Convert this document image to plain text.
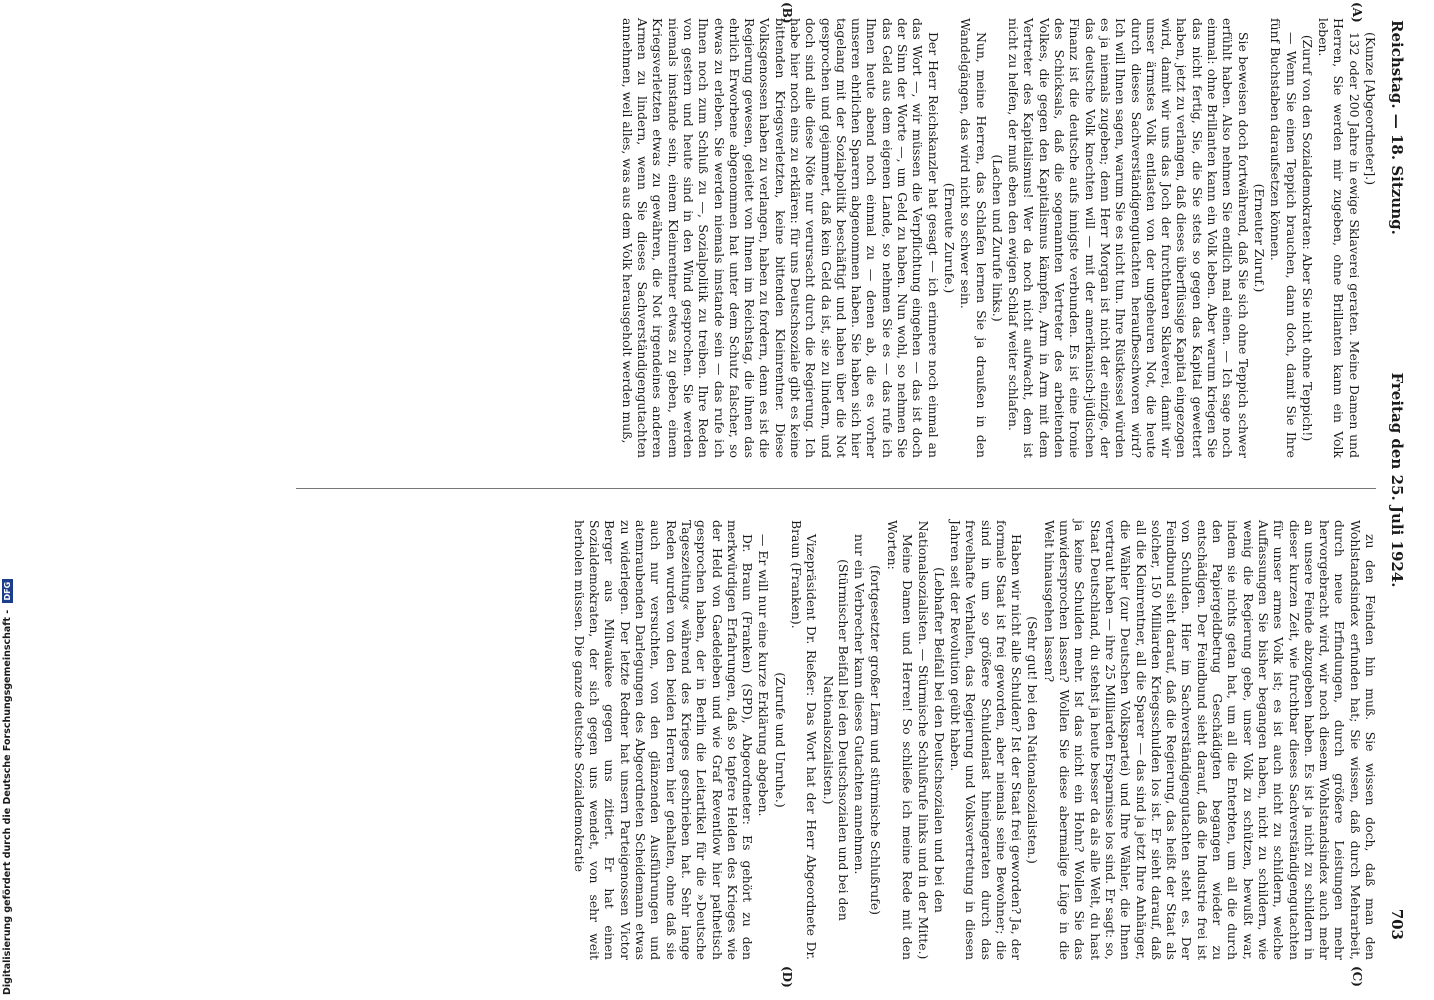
Reichstag. — 18. Sitzung.
Freitag den 25. Juli 1924.
703
(A)
(B)
(C)
(D)
(Kunze [Abgeordneter].)
132 oder 200 Jahre in ewige Sklaverei geraten. Meine Damen und Herren, Sie werden mir zugeben, ohne Brillanten kann ein Volk leben.
(Zuruf von den Sozialdemokraten: Aber Sie nicht ohne Teppich!)
— Wenn Sie einen Teppich brauchen, dann doch, damit Sie Ihre fünf Buchstaben daraufsetzen können.
(Erneuter Zuruf.)
Sie beweisen doch fortwährend, daß Sie sich ohne Teppich schwer erfühlt haben. Also nehmen Sie endlich mal einen. — Ich sage noch einmal: ohne Brillanten kann ein Volk leben. Aber warum kriegen Sie das nicht fertig, Sie, die Sie stets so gegen das Kapital gewettert haben, jetzt zu verlangen, daß dieses überflüssige Kapital eingezogen wird, damit wir uns das Joch der furchtbaren Sklaverei, damit wir unser ärmstes Volk entlasten von der ungeheuren Not, die heute durch dieses Sachverständigengutachten heraufbeschworen wird? Ich will Ihnen sagen, warum Sie es nicht tun. Ihre Rüstkessel würden es ja niemals zugeben; denn Herr Morgan ist nicht der einzige, der das deutsche Volk knechten will — mit der amerikanisch-jüdischen Finanz ist die deutsche aufs innigste verbunden. Es ist eine Ironie des Schicksals, daß die sogenannten Vertreter des arbeitenden Volkes, die gegen den Kapitalismus kämpfen, Arm in Arm mit dem Vertreter des Kapitalismus! Wer da noch nicht aufwacht, dem ist nicht zu helfen, der muß eben den ewigen Schlaf weiter schlafen.
(Lachen und Zurufe links.)
Nun, meine Herren, das Schlafen lernen Sie ja draußen in den Wandelgängen, das wird nicht so schwer sein.
(Erneute Zurufe.)
Der Herr Reichskanzler hat gesagt — ich erinnere noch einmal an das Wort —, wir müssen die Verpflichtung eingehen — das ist doch der Sinn der Worte —, um Geld zu haben. Nun wohl, so nehmen Sie das Geld aus dem eigenen Lande, so nehmen Sie es — das rufe ich Ihnen heute abend noch einmal zu — denen ab, die es vorher unseren ehrlichen Sparern abgenommen haben. Sie haben sich hier tagelang mit der Sozialpolitik beschäftigt und haben über die Not gesprochen und gejammert, daß kein Geld da ist, sie zu lindern, und doch sind alle diese Nöte nur verursacht durch die Regierung. Ich habe hier noch eins zu erklären: für uns Deutschsoziale gibt es keine bittenden Kriegsverletzten, keine bittenden Kleinrentner. Diese Volksgenossen haben zu verlangen, haben zu fordern, denn es ist die Regierung gewesen, geleitet von Ihnen im Reichstag, die ihnen das ehrlich Erworbene abgenommen hat unter dem Schutz falscher, so etwas zu erleben. Sie werden niemals imstande sein — das rufe ich Ihnen noch zum Schluß zu —, Sozialpolitik zu treiben. Ihre Reden von gestern und heute sind in den Wind gesprochen. Sie werden niemals imstande sein, einem Kleinrentner etwas zu geben, einem Kriegsverletzten etwas zu gewähren, die Not irgendeines anderen Armen zu lindern, wenn Sie dieses Sachverständigengutachten annehmen, weil alles, was aus dem Volk herausgeholt werden muß,
zu den Feinden hin muß. Sie wissen doch, daß man den Wohlstandsindex erfunden hat; Sie wissen, daß durch Mehrarbeit, durch neue Erfindungen, durch größere Leistungen mehr hervorgebracht wird, wir noch diesem Wohlstandsindex auch mehr an unsere Feinde abzugeben haben. Es ist ja nicht zu schildern in dieser kurzen Zeit, wie furchtbar dieses Sachverständigengutachten für unser armes Volk ist; es ist auch nicht zu schildern, welche Auffassungen Sie bisher begangen haben, nicht zu schildern, wie wenig die Regierung gebe, unser Volk zu schützen, bewußt war, indem sie nichts getan hat, um all die Enterbten, um all die durch den Papiergeldbetrug Geschädigten begangen wieder zu entschädigen. Der Feindbund sieht darauf, daß die Industrie frei ist von Schulden. Hier im Sachverständigengutachten steht es. Der Feindbund sieht darauf, daß die Regierung, das heißt der Staat als solcher, 150 Milliarden Kriegsschulden los ist. Er sieht darauf, daß all die Kleinrentner, all die Sparer — das sind ja jetzt Ihre Anhänger, die Wähler (zur Deutschen Volkspartei) und Ihre Wähler, die Ihnen vertraut haben — ihre 25 Milliarden Ersparnisse los sind. Er sagt: so, Staat Deutschland, du stehst ja heute besser da als alle Welt, du hast ja keine Schulden mehr. Ist das nicht ein Hohn? Wollen Sie das unwidersprochen lassen? Wollen Sie diese abermalige Lüge in die Welt hinausgehen lassen?
(Sehr gut! bei den Nationalsozialisten.)
Haben wir nicht alle Schulden? Ist der Staat frei geworden? Ja, der formale Staat ist frei geworden, aber niemals seine Bewohner; die sind in um so größere Schuldenlast hineingeraten durch das frevelhafte Verhalten, das Regierung und Volksvertretung in diesen Jahren seit der Revolution geübt haben.
(Lebhafter Beifall bei den Deutschsozialen und bei den Nationalsozialisten. — Stürmische Schlußrufe links und in der Mitte.)
Meine Damen und Herren! So schließe ich meine Rede mit den Worten:
(fortgesetzter großer Lärm und stürmische Schlußrufe)
nur ein Verbrecher kann dieses Gutachten annehmen.
(Stürmischer Beifall bei den Deutschsozialen und bei den Nationalsozialisten.)
Vizepräsident Dr. Rießer: Das Wort hat der Herr Abgeordnete Dr. Braun (Franken).
(Zurufe und Unruhe.)
— Er will nur eine kurze Erklärung abgeben.
Dr. Braun (Franken) (SPD), Abgeordneter: Es gehört zu den merkwürdigen Erfahrungen, daß so tapfere Helden des Krieges wie der Held von Gaedeleben und wie Graf Reventlow hier pathetisch gesprochen haben, der in Berlin die Leitartikel für die »Deutsche Tageszeitung« während des Krieges geschrieben hat. Sehr lange Reden wurden von den beiden Herren hier gehalten, ohne daß sie auch nur versuchten, von den glänzenden Ausführungen und atemraubenden Darlegungen des Abgeordneten Scheidemann etwas zu widerlegen. Der letzte Redner hat unsern Parteigenossen Victor Berger aus Milwaukee gegen uns zitiert. Er hat einen Sozialdemokraten, der sich gegen uns wendet, von sehr weit herholen müssen. Die ganze deutsche Sozialdemokratie
Digitalisierung gefördert durch die Deutsche Forschungsgemeinschaft - DFG
